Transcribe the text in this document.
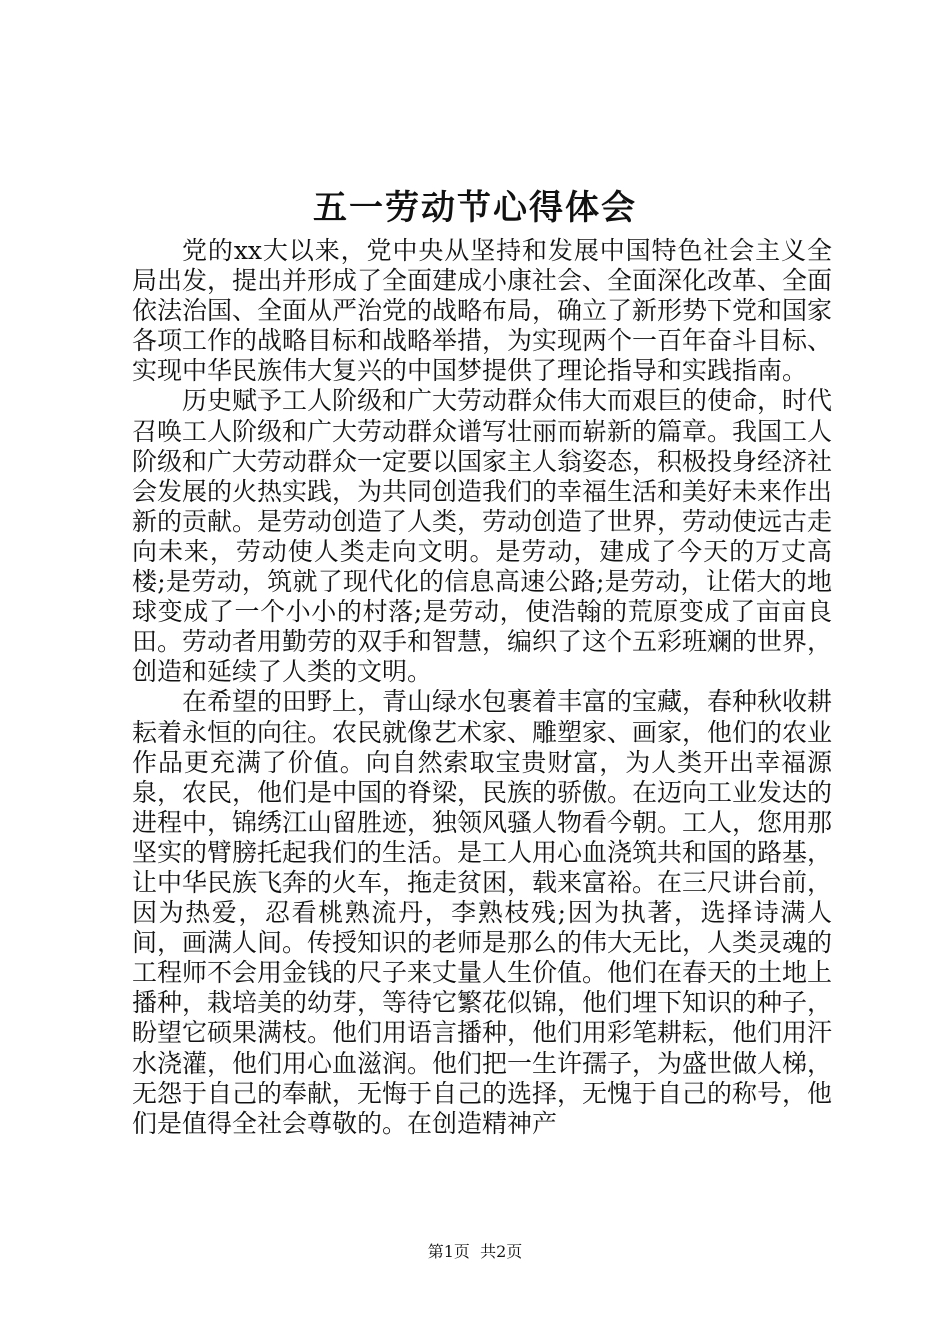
五一劳动节心得体会

党的xx大以来，党中央从坚持和发展中国特色社会主义全局出发，提出并形成了全面建成小康社会、全面深化改革、全面依法治国、全面从严治党的战略布局，确立了新形势下党和国家各项工作的战略目标和战略举措，为实现两个一百年奋斗目标、实现中华民族伟大复兴的中国梦提供了理论指导和实践指南。

历史赋予工人阶级和广大劳动群众伟大而艰巨的使命，时代召唤工人阶级和广大劳动群众谱写壮丽而崭新的篇章。我国工人阶级和广大劳动群众一定要以国家主人翁姿态，积极投身经济社会发展的火热实践，为共同创造我们的幸福生活和美好未来作出新的贡献。是劳动创造了人类，劳动创造了世界，劳动使远古走向未来，劳动使人类走向文明。是劳动，建成了今天的万丈高楼;是劳动，筑就了现代化的信息高速公路;是劳动，让偌大的地球变成了一个小小的村落;是劳动，使浩翰的荒原变成了亩亩良田。劳动者用勤劳的双手和智慧，编织了这个五彩班斓的世界，创造和延续了人类的文明。

在希望的田野上，青山绿水包裹着丰富的宝藏，春种秋收耕耘着永恒的向往。农民就像艺术家、雕塑家、画家，他们的农业作品更充满了价值。向自然索取宝贵财富，为人类开出幸福源泉，农民，他们是中国的脊梁，民族的骄傲。在迈向工业发达的进程中，锦绣江山留胜迹，独领风骚人物看今朝。工人，您用那坚实的臂膀托起我们的生活。是工人用心血浇筑共和国的路基，让中华民族飞奔的火车，拖走贫困，载来富裕。在三尺讲台前，因为热爱，忍看桃熟流丹，李熟枝残;因为执著，选择诗满人间，画满人间。传授知识的老师是那么的伟大无比，人类灵魂的工程师不会用金钱的尺子来丈量人生价值。他们在春天的土地上播种，栽培美的幼芽，等待它繁花似锦，他们埋下知识的种子，盼望它硕果满枝。他们用语言播种，他们用彩笔耕耘，他们用汗水浇灌，他们用心血滋润。他们把一生许孺子，为盛世做人梯，无怨于自己的奉献，无悔于自己的选择，无愧于自己的称号，他们是值得全社会尊敬的。在创造精神产

第1页 共2页
